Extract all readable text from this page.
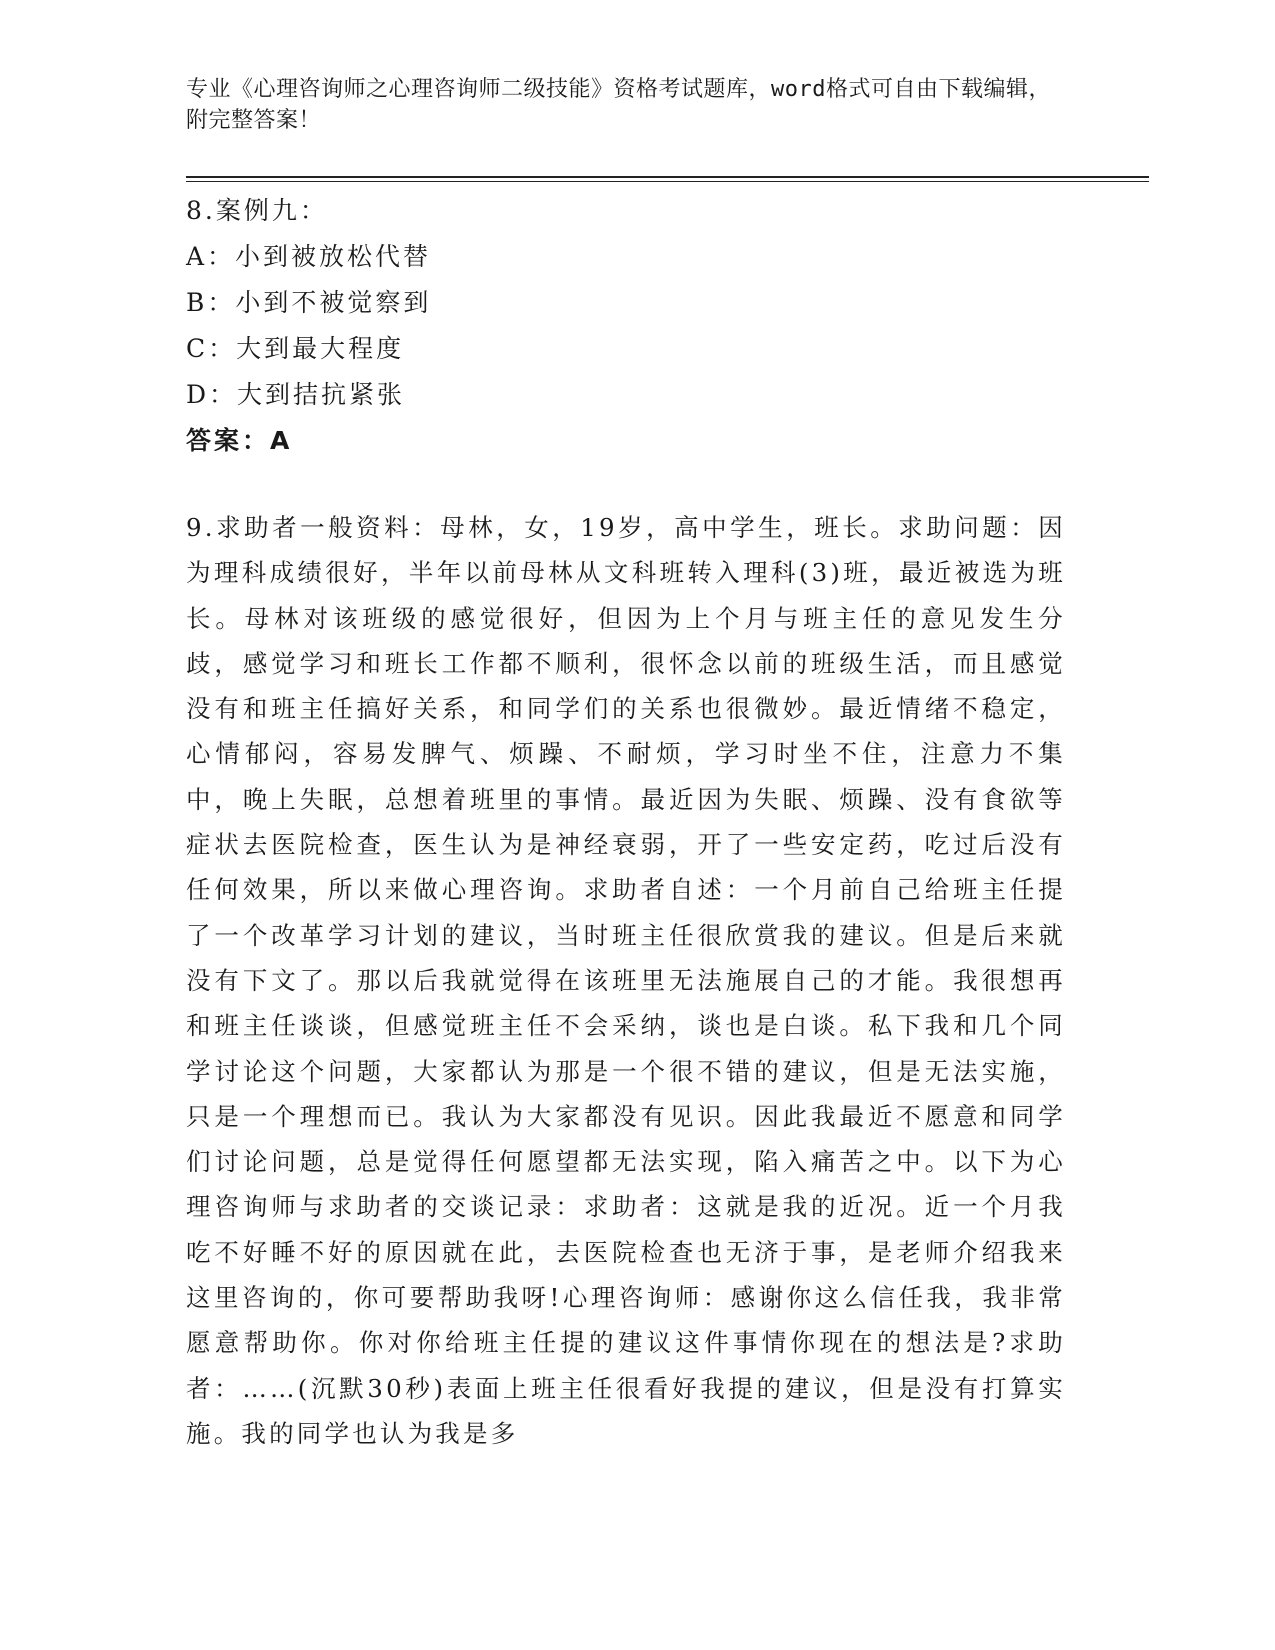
专业《心理咨询师之心理咨询师二级技能》资格考试题库，word格式可自由下载编辑，附完整答案！
8.案例九：
A：小到被放松代替
B：小到不被觉察到
C：大到最大程度
D：大到拮抗紧张
答案：A
9.求助者一般资料：母林，女，19岁，高中学生，班长。求助问题：因为理科成绩很好，半年以前母林从文科班转入理科(3)班，最近被选为班长。母林对该班级的感觉很好，但因为上个月与班主任的意见发生分歧，感觉学习和班长工作都不顺利，很怀念以前的班级生活，而且感觉没有和班主任搞好关系，和同学们的关系也很微妙。最近情绪不稳定，心情郁闷，容易发脾气、烦躁、不耐烦，学习时坐不住，注意力不集中，晚上失眠，总想着班里的事情。最近因为失眠、烦躁、没有食欲等症状去医院检查，医生认为是神经衰弱，开了一些安定药，吃过后没有任何效果，所以来做心理咨询。求助者自述：一个月前自己给班主任提了一个改革学习计划的建议，当时班主任很欣赏我的建议。但是后来就没有下文了。那以后我就觉得在该班里无法施展自己的才能。我很想再和班主任谈谈，但感觉班主任不会采纳，谈也是白谈。私下我和几个同学讨论这个问题，大家都认为那是一个很不错的建议，但是无法实施，只是一个理想而已。我认为大家都没有见识。因此我最近不愿意和同学们讨论问题，总是觉得任何愿望都无法实现，陷入痛苦之中。以下为心理咨询师与求助者的交谈记录：求助者：这就是我的近况。近一个月我吃不好睡不好的原因就在此，去医院检查也无济于事，是老师介绍我来这里咨询的，你可要帮助我呀!心理咨询师：感谢你这么信任我，我非常愿意帮助你。你对你给班主任提的建议这件事情你现在的想法是?求助者：……(沉默30秒)表面上班主任很看好我提的建议，但是没有打算实施。我的同学也认为我是多
